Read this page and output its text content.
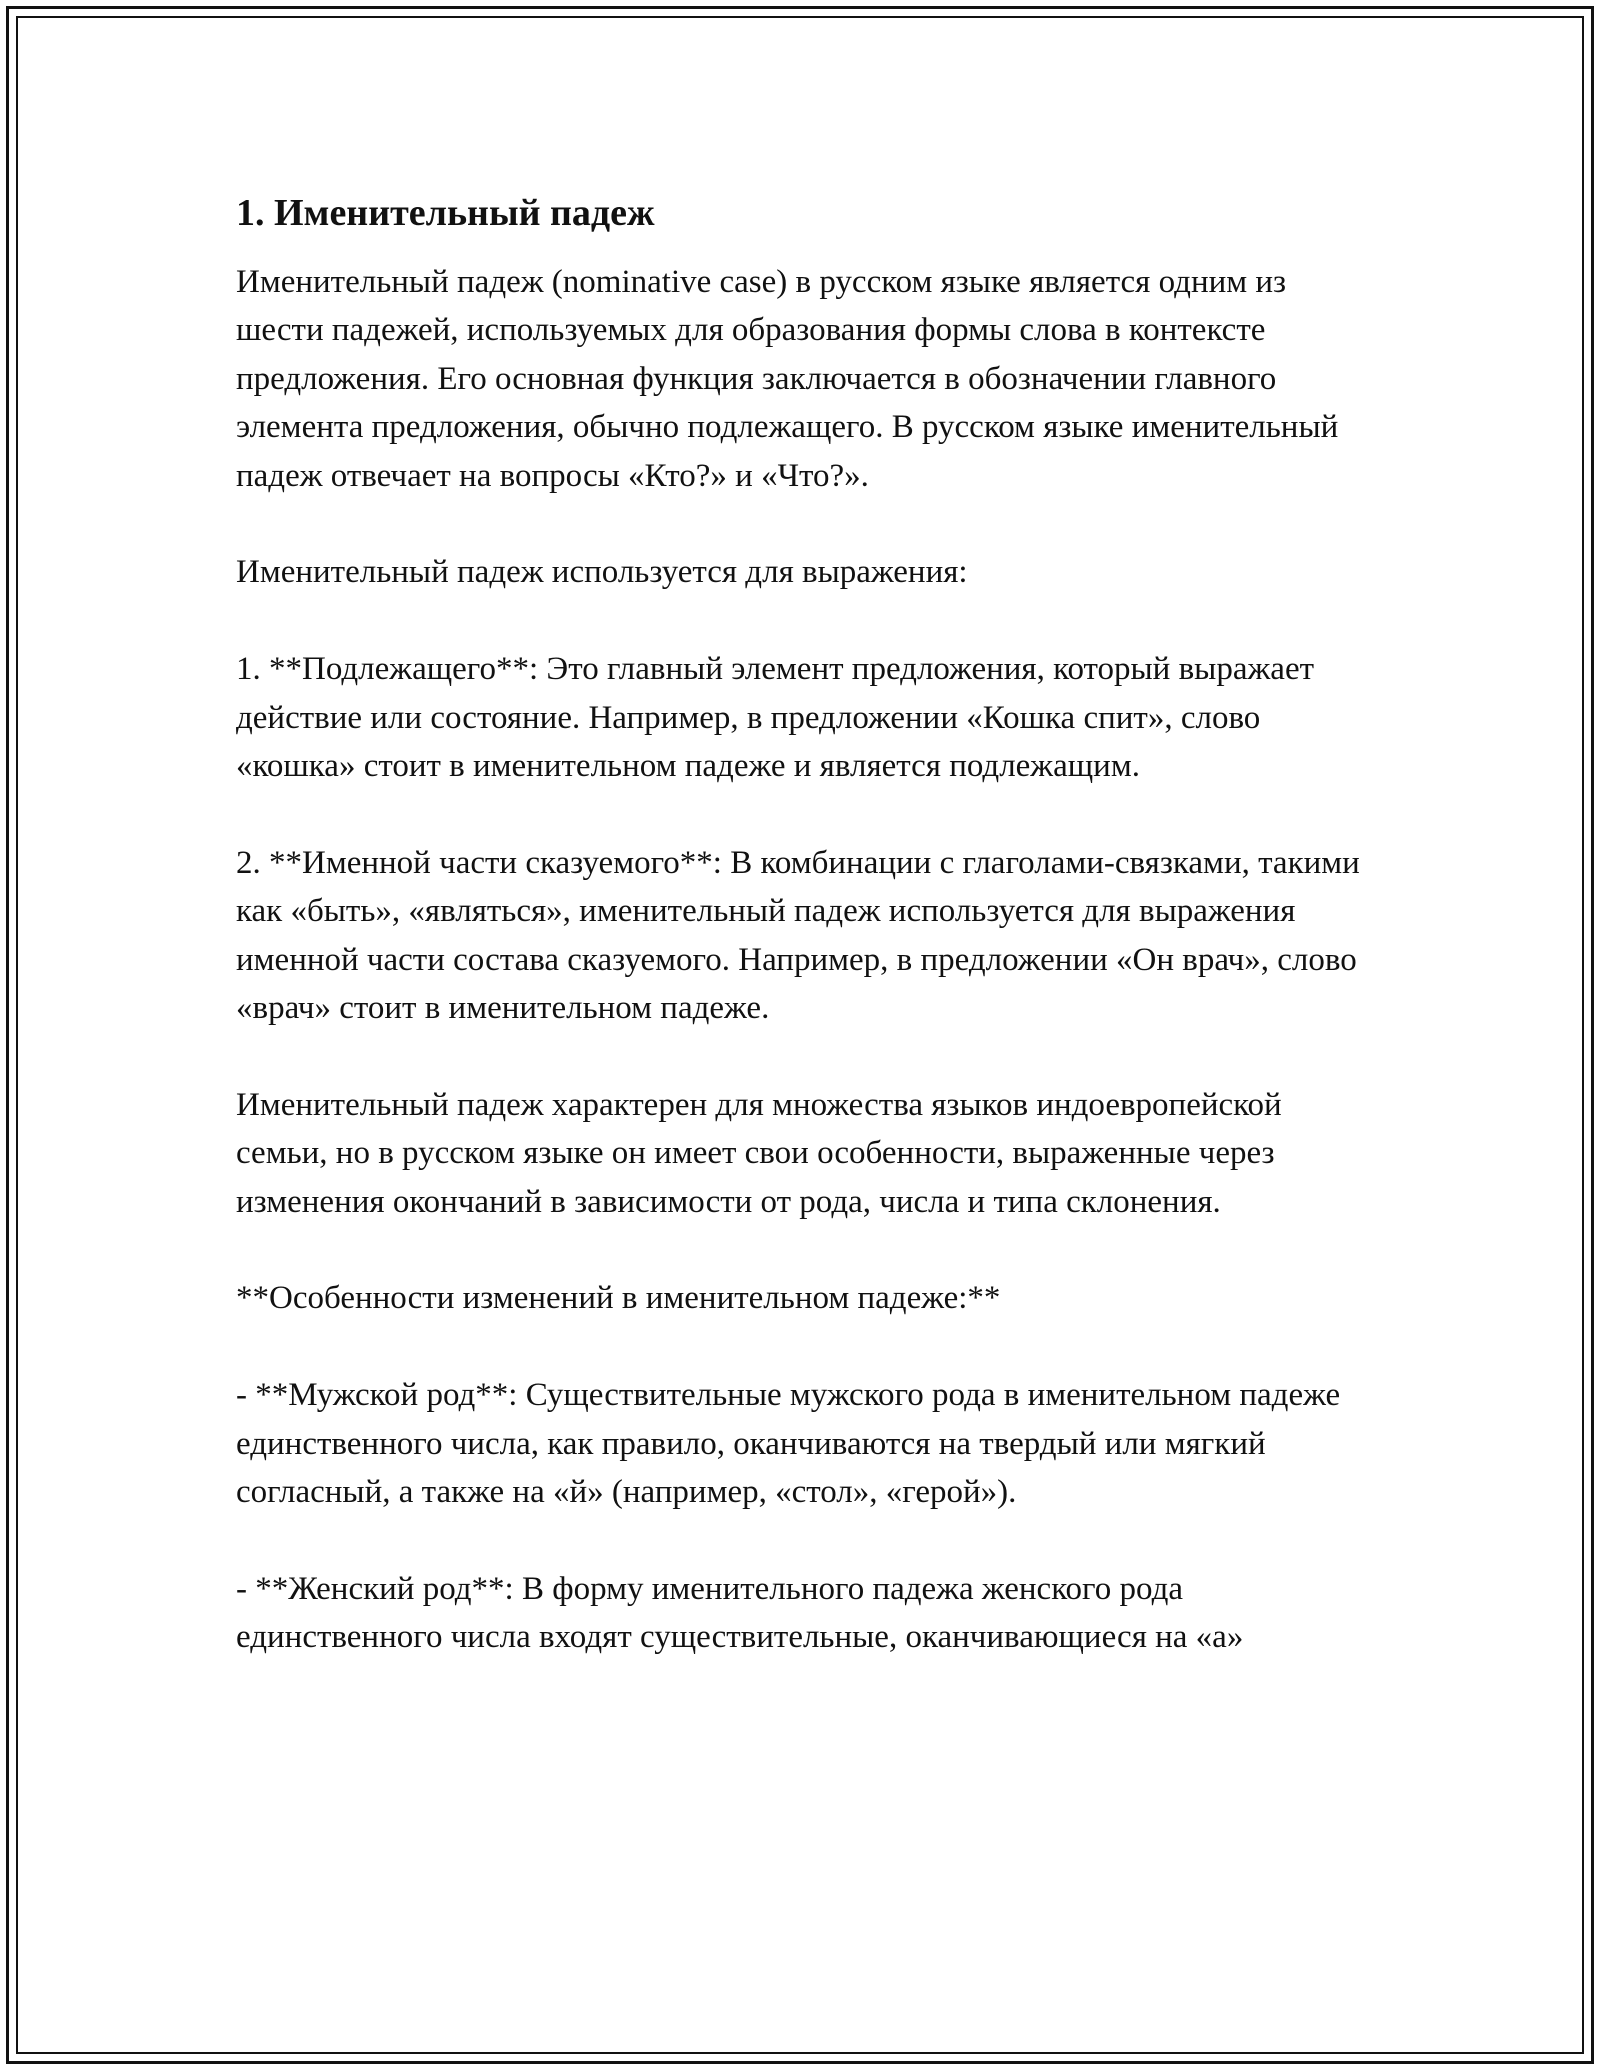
1. Именительный падеж

Именительный падеж (nominative case) в русском языке является одним из шести падежей, используемых для образования формы слова в контексте предложения. Его основная функция заключается в обозначении главного элемента предложения, обычно подлежащего. В русском языке именительный падеж отвечает на вопросы «Кто?» и «Что?».

Именительный падеж используется для выражения:

1. **Подлежащего**: Это главный элемент предложения, который выражает действие или состояние. Например, в предложении «Кошка спит», слово «кошка» стоит в именительном падеже и является подлежащим.

2. **Именной части сказуемого**: В комбинации с глаголами-связками, такими как «быть», «являться», именительный падеж используется для выражения именной части состава сказуемого. Например, в предложении «Он врач», слово «врач» стоит в именительном падеже.

Именительный падеж характерен для множества языков индоевропейской семьи, но в русском языке он имеет свои особенности, выраженные через изменения окончаний в зависимости от рода, числа и типа склонения.

**Особенности изменений в именительном падеже:**

- **Мужской род**: Существительные мужского рода в именительном падеже единственного числа, как правило, оканчиваются на твердый или мягкий согласный, а также на «й» (например, «стол», «герой»).

- **Женский род**: В форму именительного падежа женского рода единственного числа входят существительные, оканчивающиеся на «а»
